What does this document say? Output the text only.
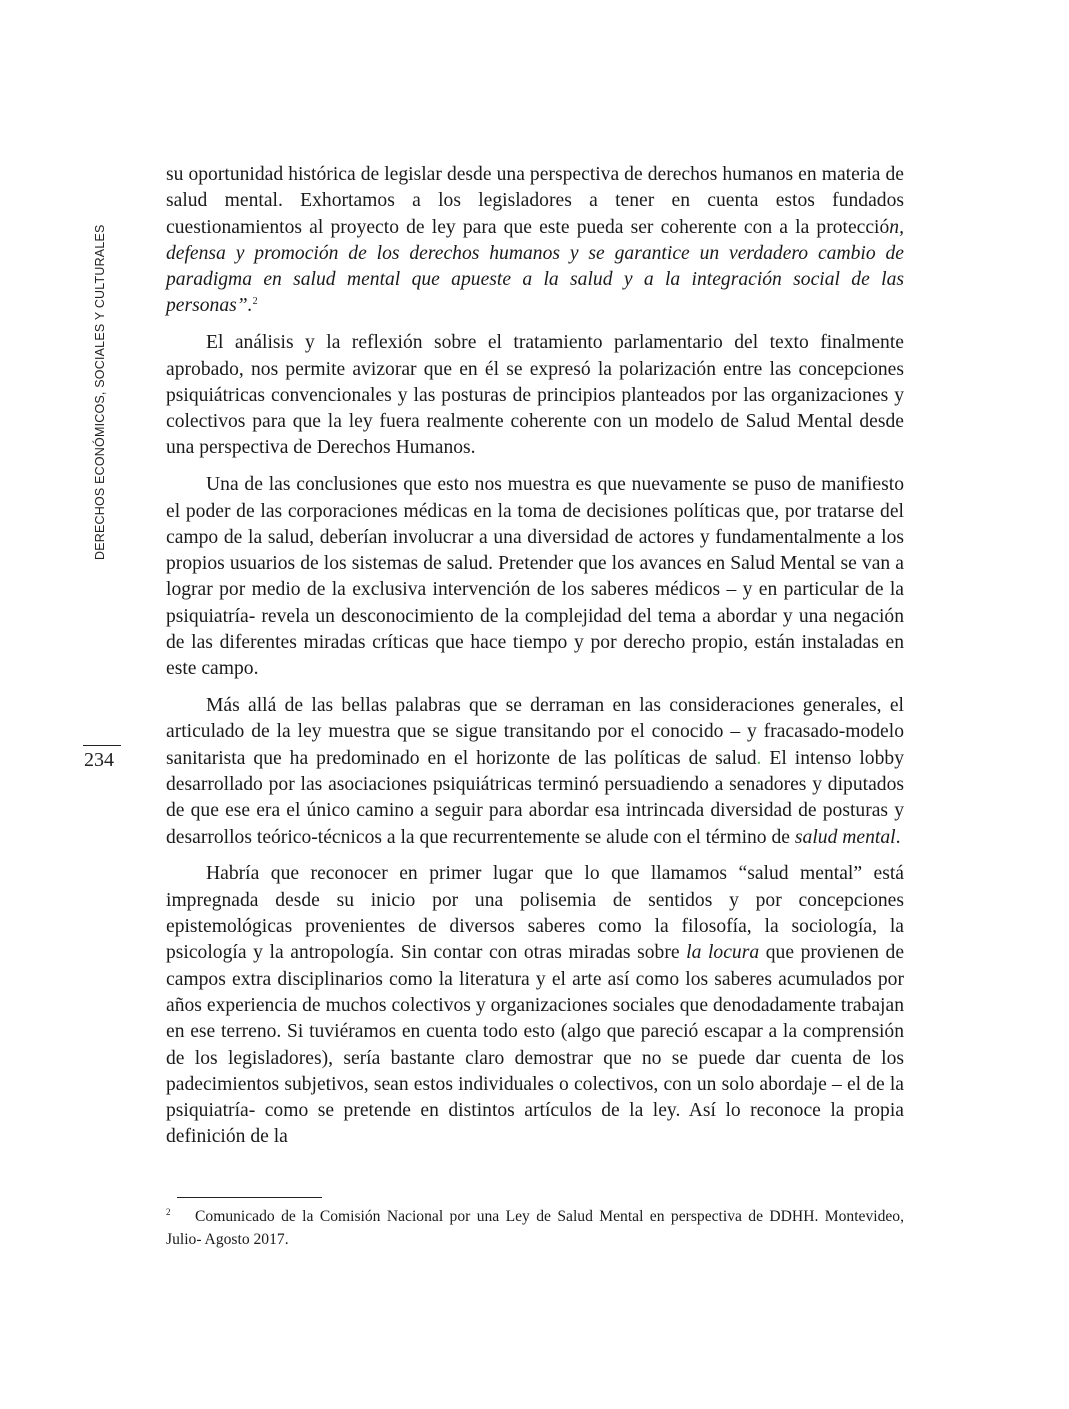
DERECHOS ECONÓMICOS, SOCIALES Y CULTURALES
234

su oportunidad histórica de legislar desde una perspectiva de derechos humanos en materia de salud mental. Exhortamos a los legisladores a tener en cuenta estos fundados cuestionamientos al proyecto de ley para que este pueda ser coherente con a la protección, defensa y promoción de los derechos humanos y se garantice un verdadero cambio de paradigma en salud mental que apueste a la salud y a la integración social de las personas”.$^2$

El análisis y la reflexión sobre el tratamiento parlamentario del texto finalmente aprobado, nos permite avizorar que en él se expresó la polarización entre las concepciones psiquiátricas convencionales y las posturas de principios planteados por las organizaciones y colectivos para que la ley fuera realmente coherente con un modelo de Salud Mental desde una perspectiva de Derechos Humanos.

Una de las conclusiones que esto nos muestra es que nuevamente se puso de manifiesto el poder de las corporaciones médicas en la toma de decisiones políticas que, por tratarse del campo de la salud, deberían involucrar a una diversidad de actores y fundamentalmente a los propios usuarios de los sistemas de salud. Pretender que los avances en Salud Mental se van a lograr por medio de la exclusiva intervención de los saberes médicos – y en particular de la psiquiatría- revela un desconocimiento de la complejidad del tema a abordar y una negación de las diferentes miradas críticas que hace tiempo y por derecho propio, están instaladas en este campo.

Más allá de las bellas palabras que se derraman en las consideraciones generales, el articulado de la ley muestra que se sigue transitando por el conocido – y fracasado-modelo sanitarista que ha predominado en el horizonte de las políticas de salud. El intenso lobby desarrollado por las asociaciones psiquiátricas terminó persuadiendo a senadores y diputados de que ese era el único camino a seguir para abordar esa intrincada diversidad de posturas y desarrollos teórico-técnicos a la que recurrentemente se alude con el término de salud mental.

Habría que reconocer en primer lugar que lo que llamamos “salud mental” está impregnada desde su inicio por una polisemia de sentidos y por concepciones epistemológicas provenientes de diversos saberes como la filosofía, la sociología, la psicología y la antropología. Sin contar con otras miradas sobre la locura que provienen de campos extra disciplinarios como la literatura y el arte así como los saberes acumulados por años experiencia de muchos colectivos y organizaciones sociales que denodadamente trabajan en ese terreno. Si tuviéramos en cuenta todo esto (algo que pareció escapar a la comprensión de los legisladores), sería bastante claro demostrar que no se puede dar cuenta de los padecimientos subjetivos, sean estos individuales o colectivos, con un solo abordaje – el de la psiquiatría- como se pretende en distintos artículos de la ley. Así lo reconoce la propia definición de la

2 Comunicado de la Comisión Nacional por una Ley de Salud Mental en perspectiva de DDHH. Montevideo, Julio- Agosto 2017.
